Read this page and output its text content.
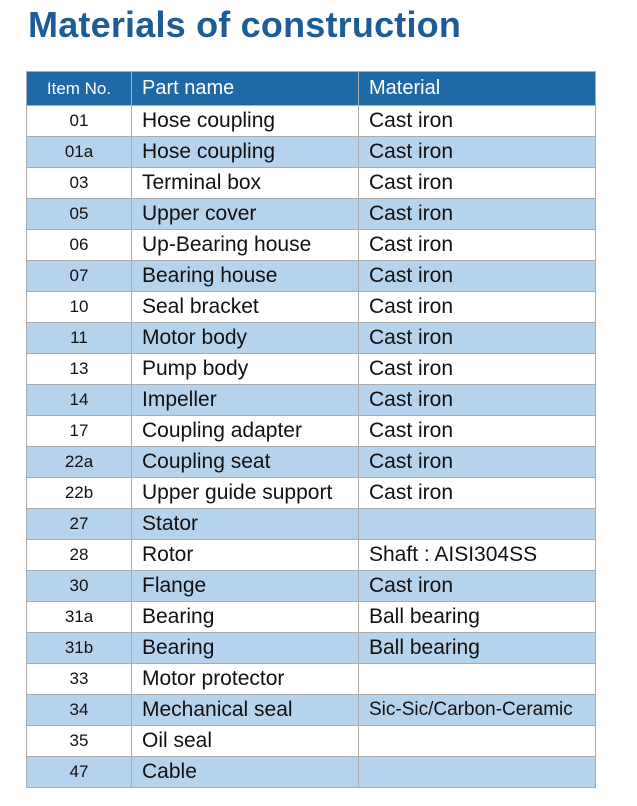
Materials of construction
Item No.	Part name	Material
01	Hose coupling	Cast iron
01a	Hose coupling	Cast iron
03	Terminal box	Cast iron
05	Upper cover	Cast iron
06	Up-Bearing house	Cast iron
07	Bearing house	Cast iron
10	Seal bracket	Cast iron
11	Motor body	Cast iron
13	Pump body	Cast iron
14	Impeller	Cast iron
17	Coupling adapter	Cast iron
22a	Coupling seat	Cast iron
22b	Upper guide support	Cast iron
27	Stator	
28	Rotor	Shaft : AISI304SS
30	Flange	Cast iron
31a	Bearing	Ball bearing
31b	Bearing	Ball bearing
33	Motor protector	
34	Mechanical seal	Sic-Sic/Carbon-Ceramic
35	Oil seal	
47	Cable	
